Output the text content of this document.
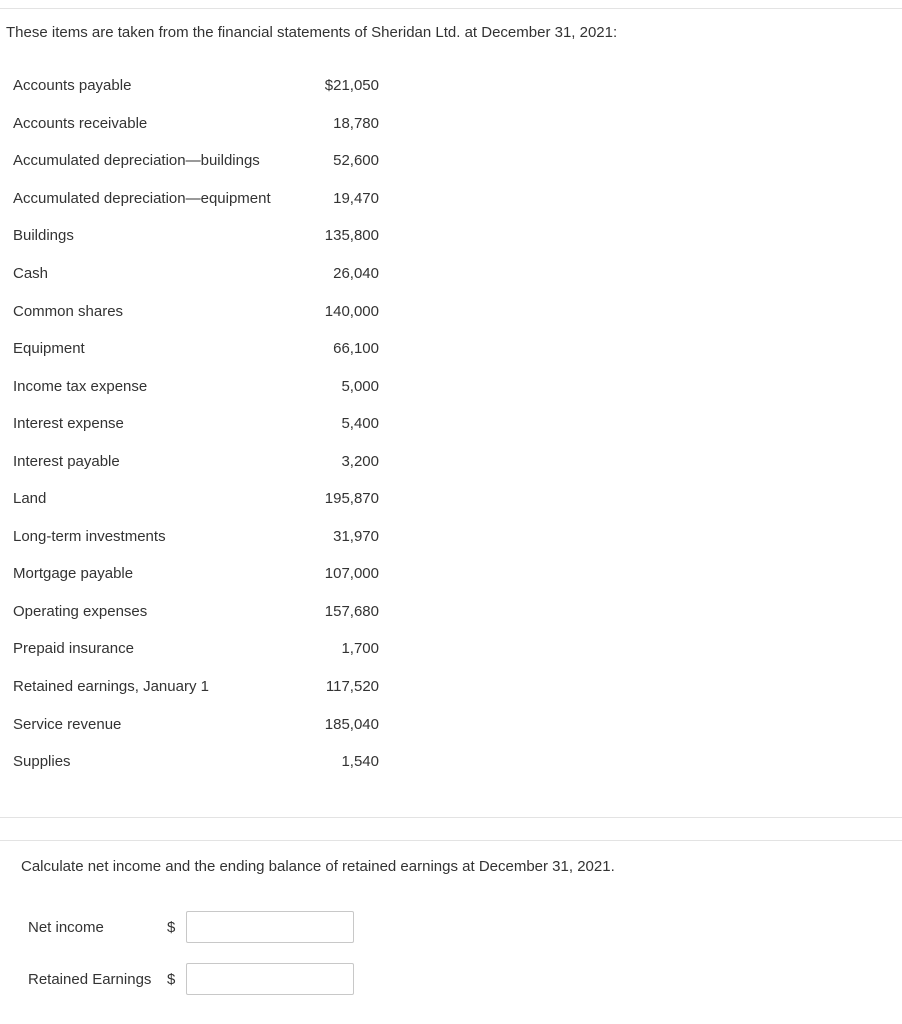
These items are taken from the financial statements of Sheridan Ltd. at December 31, 2021:
Accounts payable	$21,050
Accounts receivable	18,780
Accumulated depreciation—buildings	52,600
Accumulated depreciation—equipment	19,470
Buildings	135,800
Cash	26,040
Common shares	140,000
Equipment	66,100
Income tax expense	5,000
Interest expense	5,400
Interest payable	3,200
Land	195,870
Long-term investments	31,970
Mortgage payable	107,000
Operating expenses	157,680
Prepaid insurance	1,700
Retained earnings, January 1	117,520
Service revenue	185,040
Supplies	1,540
Calculate net income and the ending balance of retained earnings at December 31, 2021.
Net income	$
Retained Earnings	$
